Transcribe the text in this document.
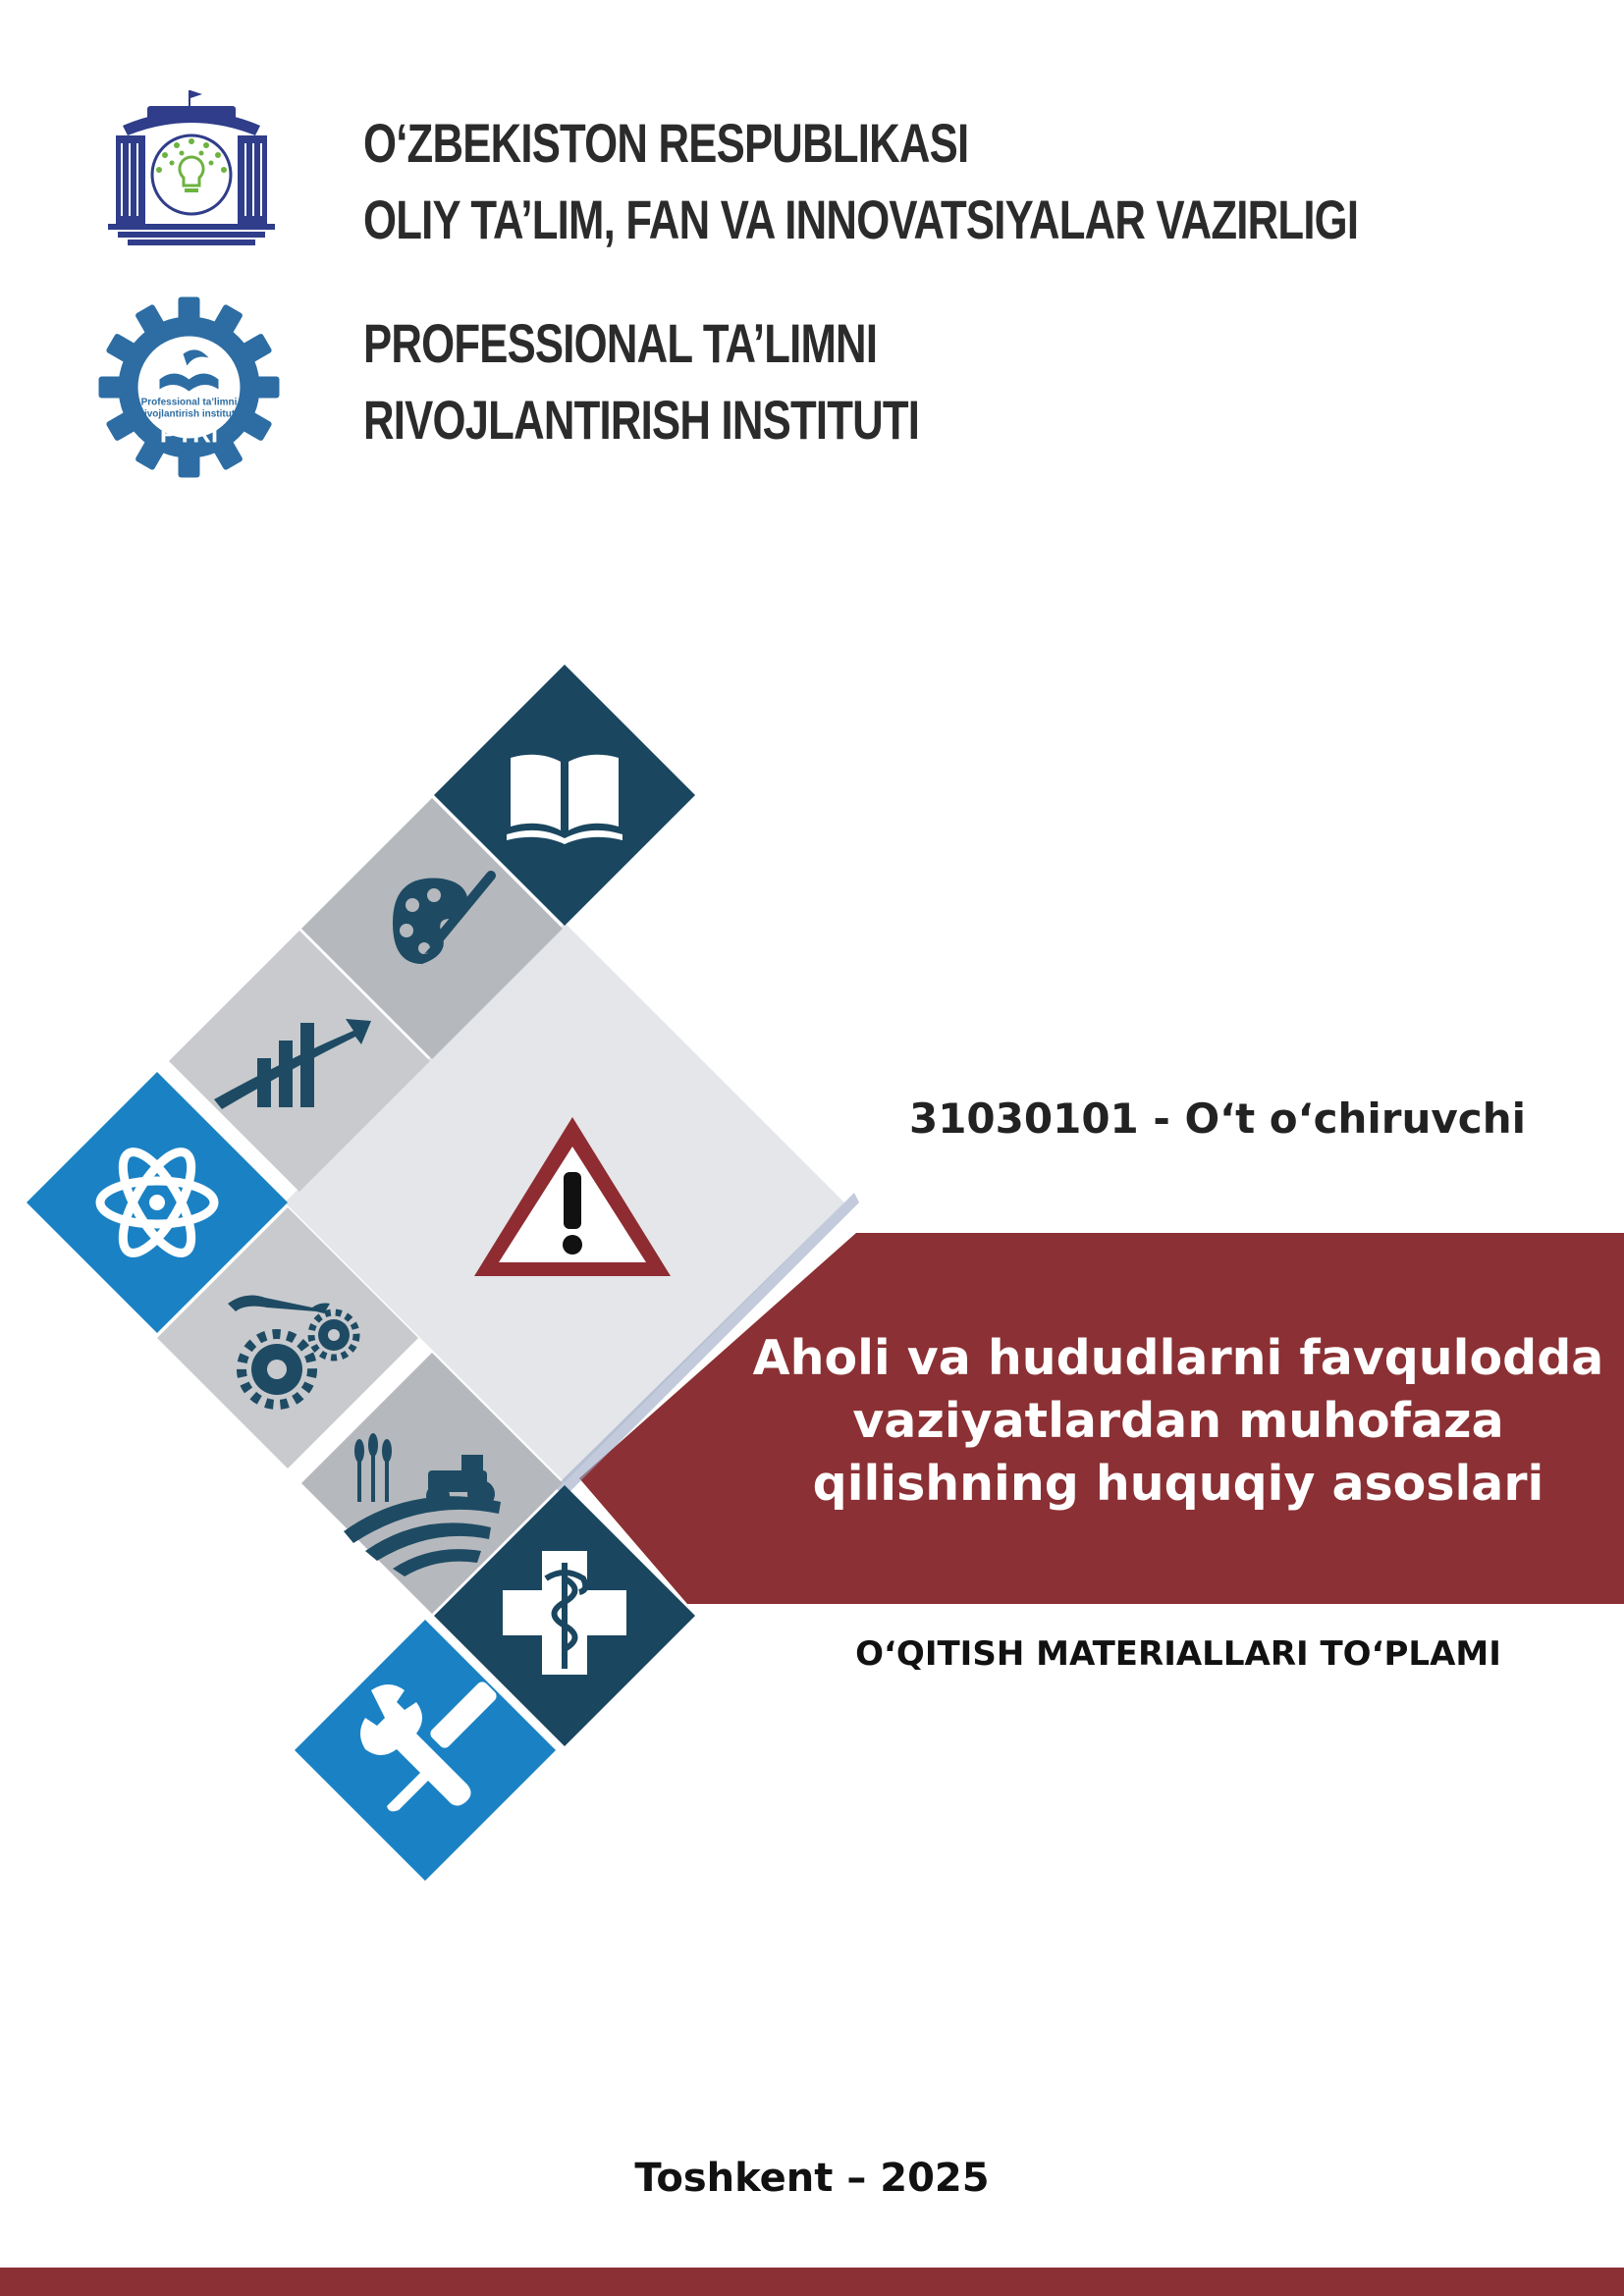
Professional ta’limni
rivojlantirish instituti
PTRI
O‘ZBEKISTON RESPUBLIKASI
OLIY TA’LIM, FAN VA INNOVATSIYALAR VAZIRLIGI
PROFESSIONAL TA’LIMNI
RIVOJLANTIRISH INSTITUTI
31030101 - O‘t o‘chiruvchi
Aholi va hududlarni favqulodda
vaziyatlardan muhofaza
qilishning huquqiy asoslari
O‘QITISH MATERIALLARI TO‘PLAMI
Toshkent – 2025
